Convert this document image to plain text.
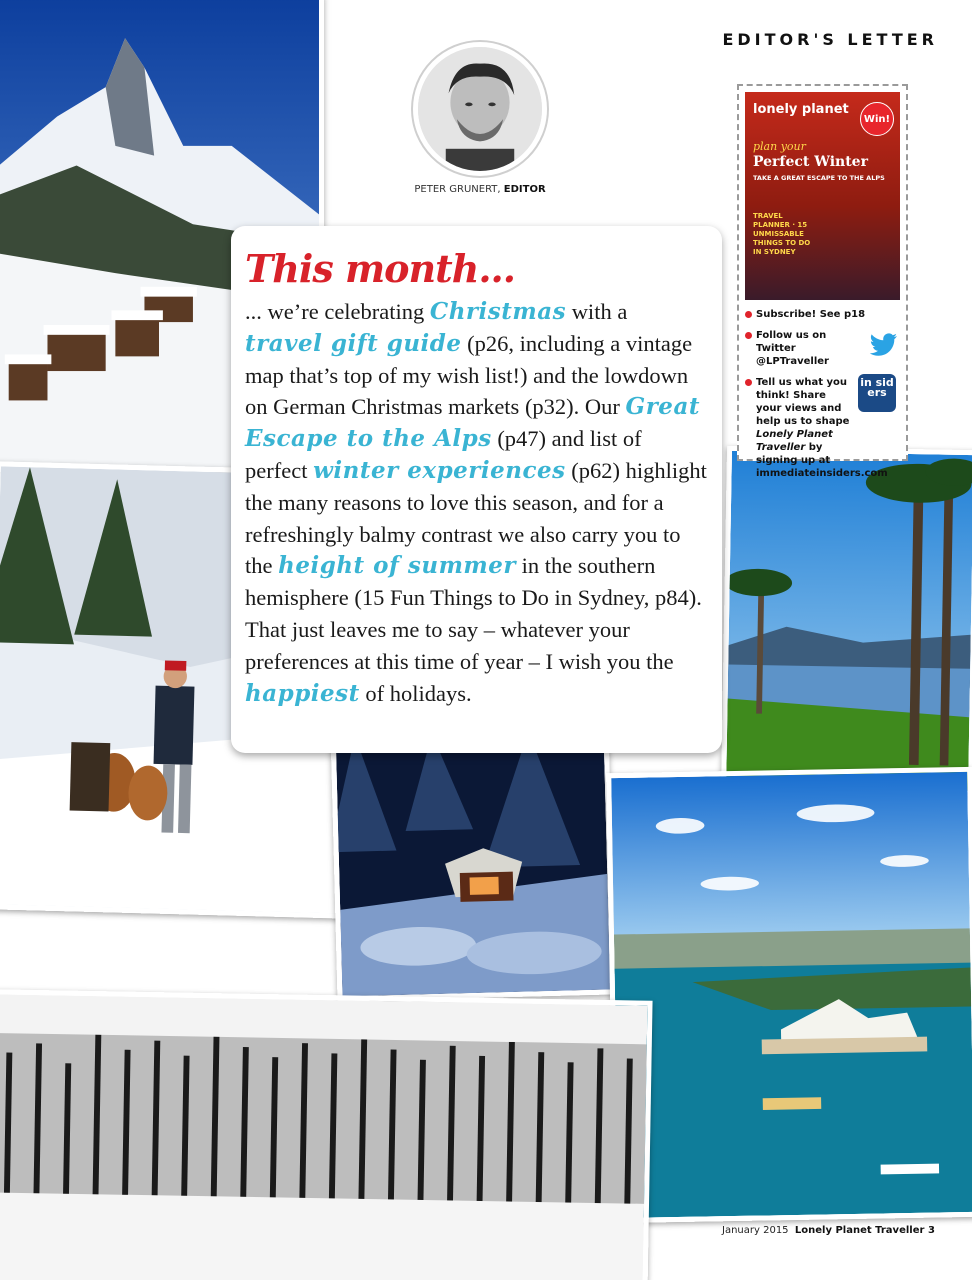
EDITOR'S LETTER
PETER GRUNERT, EDITOR
This month...

... we’re celebrating Christmas with a travel gift guide (p26, including a vintage map that’s top of my wish list!) and the lowdown on German Christmas markets (p32). Our Great Escape to the Alps (p47) and list of perfect winter experiences (p62) highlight the many reasons to love this season, and for a refreshingly balmy contrast we also carry you to the height of summer in the southern hemisphere (15 Fun Things to Do in Sydney, p84). That just leaves me to say – whatever your preferences at this time of year – I wish you the happiest of holidays.

lonely planet
Win!
plan your
Perfect Winter
TAKE A GREAT ESCAPE TO THE ALPS
TRAVEL PLANNER · 15 UNMISSABLE THINGS TO DO IN SYDNEY
Subscribe! See p18
Follow us on Twitter @LPTraveller
Tell us what you think! Share your views and help us to shape Lonely Planet Traveller by signing up at immediateinsiders.com
in sid ers
January 2015 Lonely Planet Traveller 3
